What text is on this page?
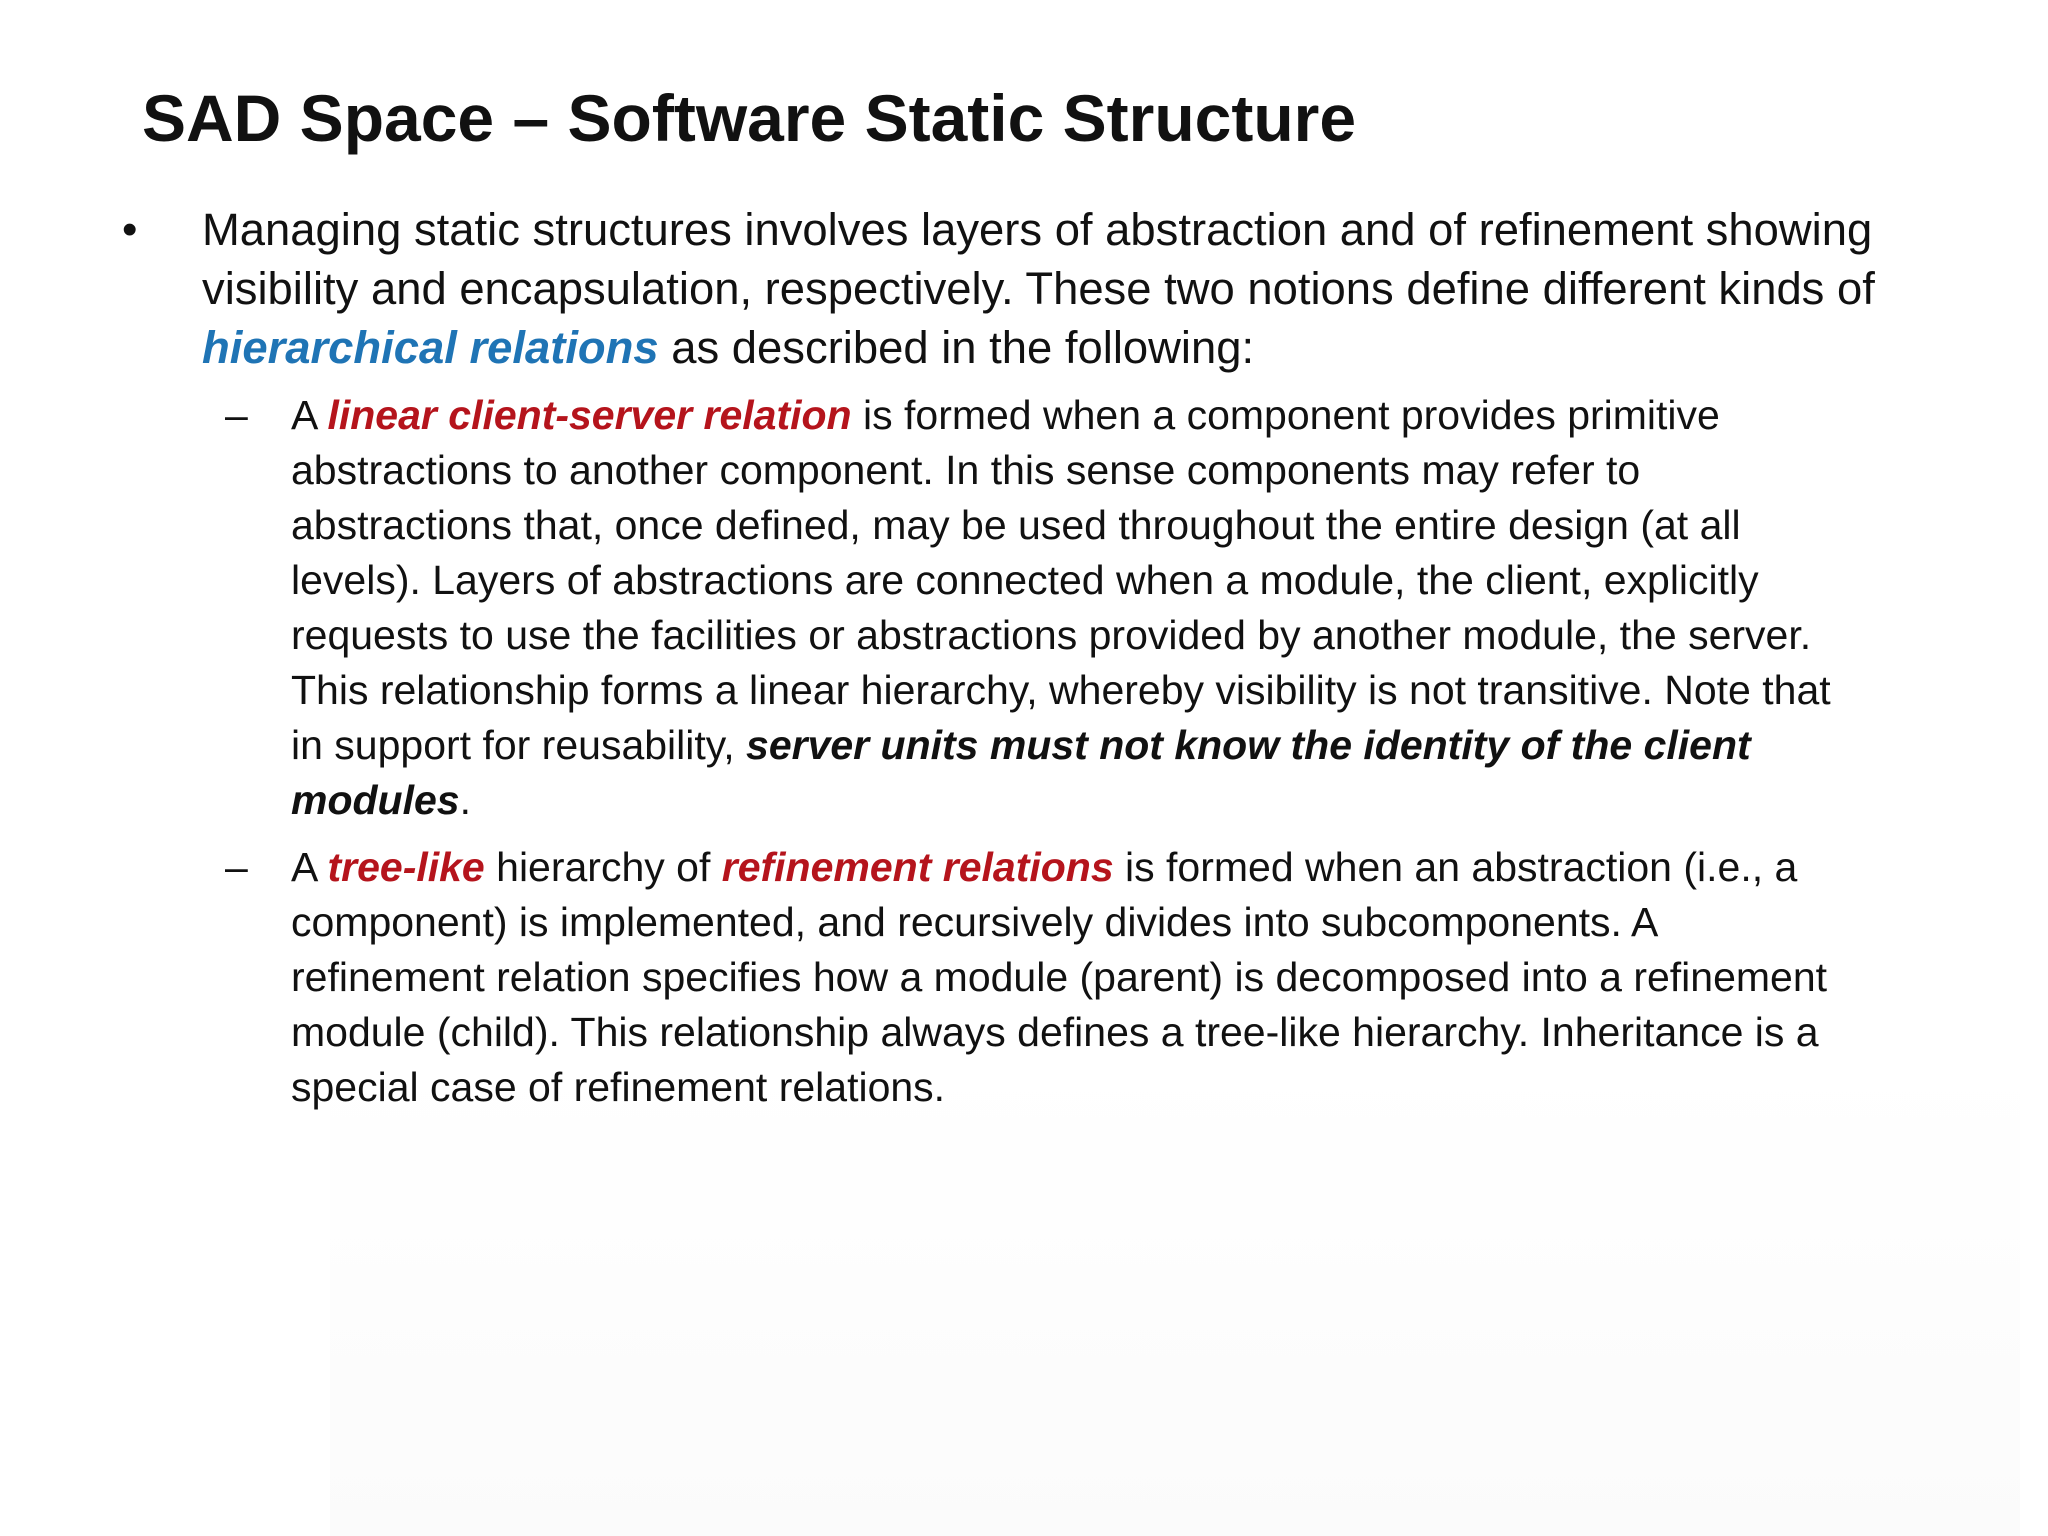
SAD Space – Software Static Structure
• Managing static structures involves layers of abstraction and of refinement showing
visibility and encapsulation, respectively. These two notions define different kinds of
hierarchical relations as described in the following:
– A linear client-server relation is formed when a component provides primitive
abstractions to another component. In this sense components may refer to
abstractions that, once defined, may be used throughout the entire design (at all
levels). Layers of abstractions are connected when a module, the client, explicitly
requests to use the facilities or abstractions provided by another module, the server.
This relationship forms a linear hierarchy, whereby visibility is not transitive. Note that
in support for reusability, server units must not know the identity of the client
modules.
– A tree-like hierarchy of refinement relations is formed when an abstraction (i.e., a
component) is implemented, and recursively divides into subcomponents. A
refinement relation specifies how a module (parent) is decomposed into a refinement
module (child). This relationship always defines a tree-like hierarchy. Inheritance is a
special case of refinement relations.
